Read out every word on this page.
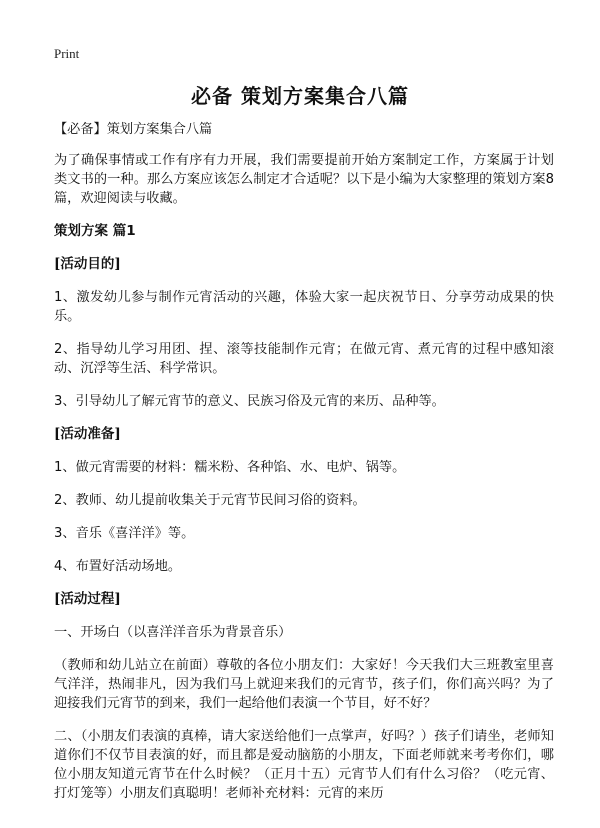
Print
必备 策划方案集合八篇

【必备】策划方案集合八篇

为了确保事情或工作有序有力开展，我们需要提前开始方案制定工作，方案属于计划类文书的一种。那么方案应该怎么制定才合适呢？以下是小编为大家整理的策划方案8篇，欢迎阅读与收藏。

策划方案 篇1
[活动目的]

1、激发幼儿参与制作元宵活动的兴趣，体验大家一起庆祝节日、分享劳动成果的快乐。

2、指导幼儿学习用团、捏、滚等技能制作元宵；在做元宵、煮元宵的过程中感知滚动、沉浮等生活、科学常识。

3、引导幼儿了解元宵节的意义、民族习俗及元宵的来历、品种等。

[活动准备]

1、做元宵需要的材料：糯米粉、各种馅、水、电炉、锅等。

2、教师、幼儿提前收集关于元宵节民间习俗的资料。

3、音乐《喜洋洋》等。

4、布置好活动场地。

[活动过程]

一、开场白（以喜洋洋音乐为背景音乐）

（教师和幼儿站立在前面）尊敬的各位小朋友们：大家好！今天我们大三班教室里喜气洋洋，热闹非凡，因为我们马上就迎来我们的元宵节，孩子们，你们高兴吗？为了迎接我们元宵节的到来，我们一起给他们表演一个节目，好不好？

二、（小朋友们表演的真棒，请大家送给他们一点掌声，好吗？）孩子们请坐，老师知道你们不仅节目表演的好，而且都是爱动脑筋的小朋友，下面老师就来考考你们，哪位小朋友知道元宵节在什么时候？（正月十五）元宵节人们有什么习俗？（吃元宵、打灯笼等）小朋友们真聪明！老师补充材料：元宵的来历
